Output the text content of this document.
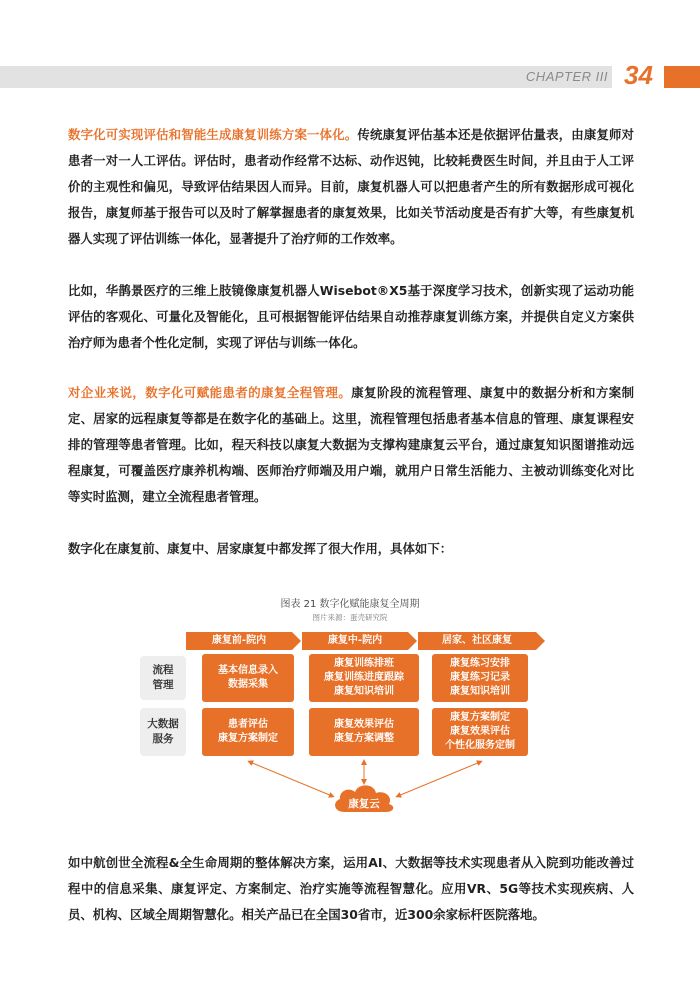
CHAPTER III 34

数字化可实现评估和智能生成康复训练方案一体化。传统康复评估基本还是依据评估量表，由康复师对患者一对一人工评估。评估时，患者动作经常不达标、动作迟钝，比较耗费医生时间，并且由于人工评价的主观性和偏见，导致评估结果因人而异。目前，康复机器人可以把患者产生的所有数据形成可视化报告，康复师基于报告可以及时了解掌握患者的康复效果，比如关节活动度是否有扩大等，有些康复机器人实现了评估训练一体化，显著提升了治疗师的工作效率。

比如，华鹊景医疗的三维上肢镜像康复机器人Wisebot®X5基于深度学习技术，创新实现了运动功能评估的客观化、可量化及智能化，且可根据智能评估结果自动推荐康复训练方案，并提供自定义方案供治疗师为患者个性化定制，实现了评估与训练一体化。

对企业来说，数字化可赋能患者的康复全程管理。康复阶段的流程管理、康复中的数据分析和方案制定、居家的远程康复等都是在数字化的基础上。这里，流程管理包括患者基本信息的管理、康复课程安排的管理等患者管理。比如，程天科技以康复大数据为支撑构建康复云平台，通过康复知识图谱推动远程康复，可覆盖医疗康养机构端、医师治疗师端及用户端，就用户日常生活能力、主被动训练变化对比等实时监测，建立全流程患者管理。

数字化在康复前、康复中、居家康复中都发挥了很大作用，具体如下：

图表 21 数字化赋能康复全周期
图片来源：蛋壳研究院
康复前-院内	康复中-院内	居家、社区康复
流程
管理
基本信息录入
数据采集
康复训练排班
康复训练进度跟踪
康复知识培训
康复练习安排
康复练习记录
康复知识培训
大数据
服务
患者评估
康复方案制定
康复效果评估
康复方案调整
康复方案制定
康复效果评估
个性化服务定制
康复云

如中航创世全流程&全生命周期的整体解决方案，运用AI、大数据等技术实现患者从入院到功能改善过程中的信息采集、康复评定、方案制定、治疗实施等流程智慧化。应用VR、5G等技术实现疾病、人员、机构、区域全周期智慧化。相关产品已在全国30省市，近300余家标杆医院落地。
